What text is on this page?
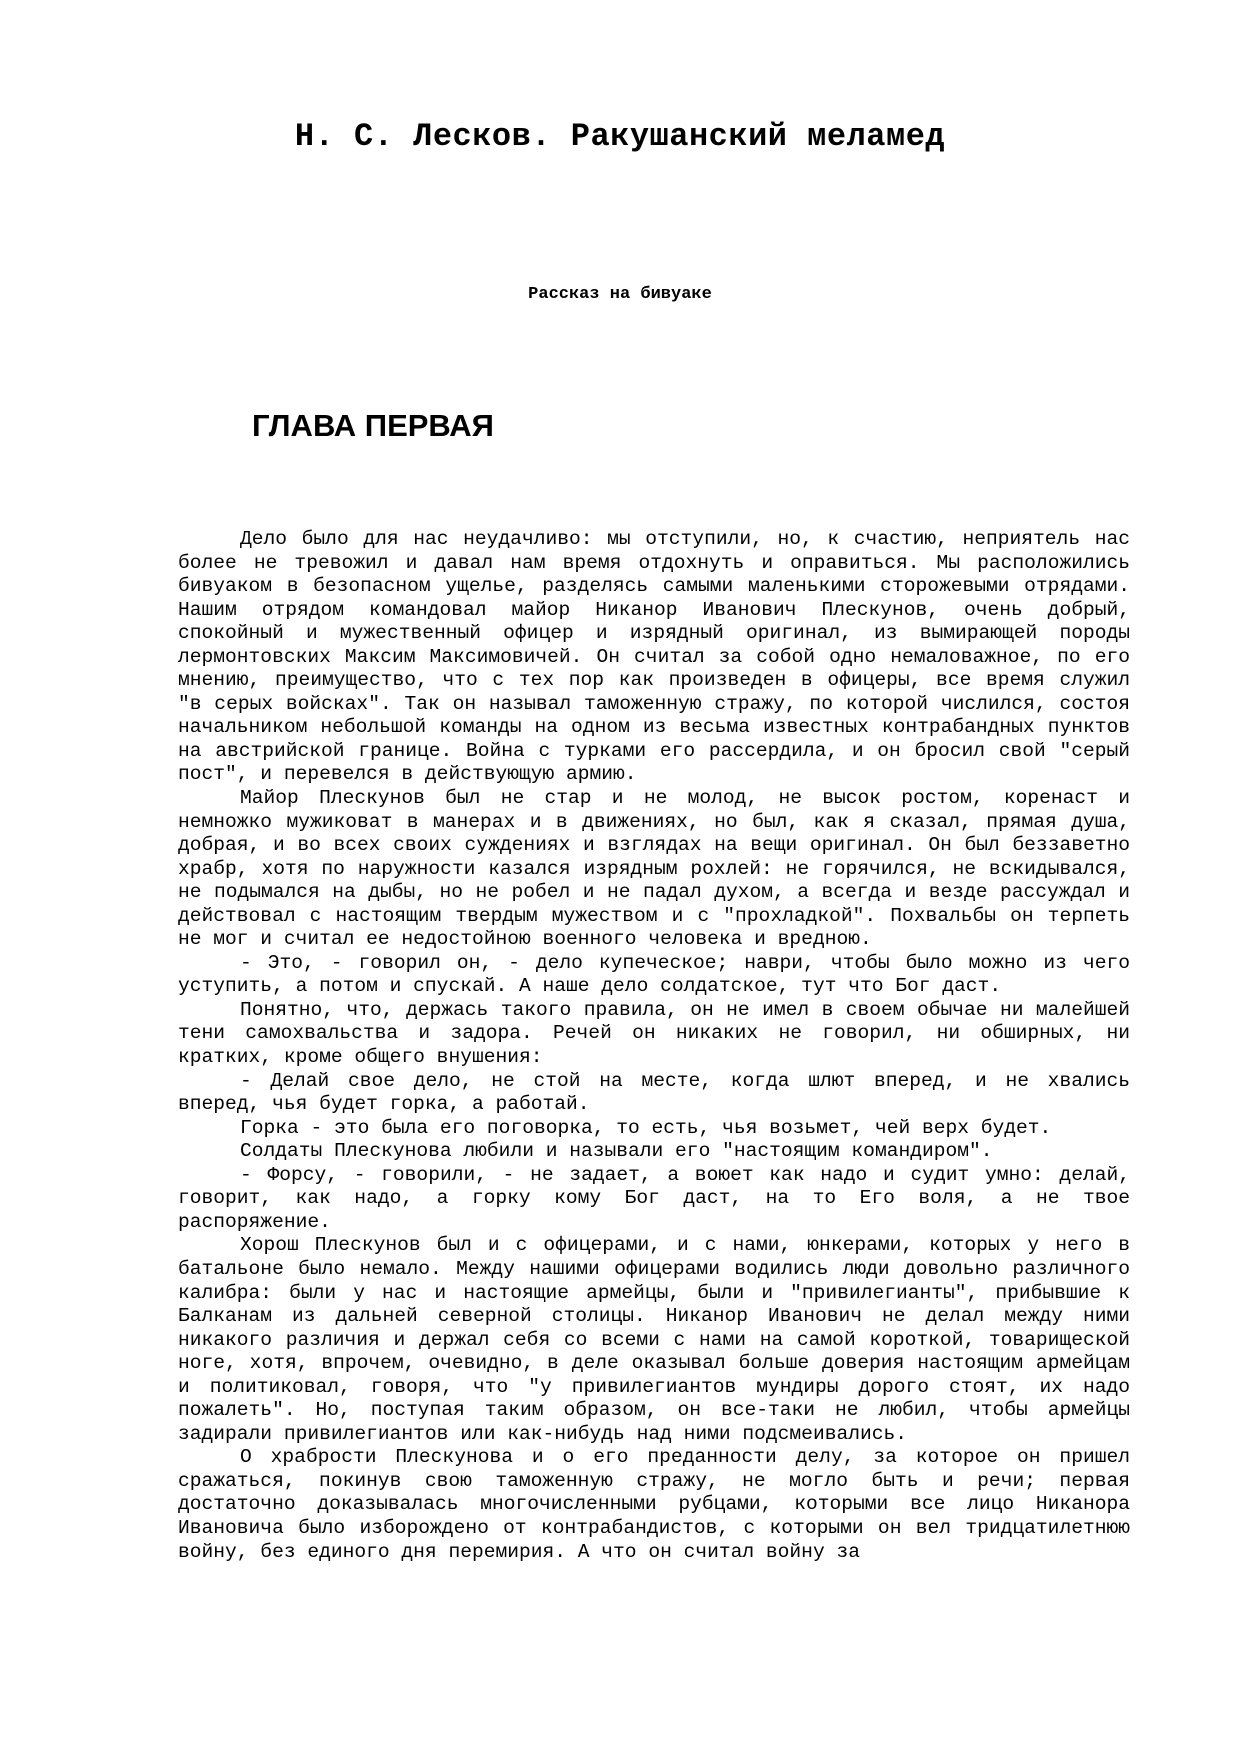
Н. С. Лесков. Ракушанский меламед
Рассказ на бивуаке
ГЛАВА ПЕРВАЯ

Дело было для нас неудачливо: мы отступили, но, к счастию, неприятель нас более не тревожил и давал нам время отдохнуть и оправиться. Мы расположились бивуаком в безопасном ущелье, разделясь самыми маленькими сторожевыми отрядами. Нашим отрядом командовал майор Никанор Иванович Плескунов, очень добрый, спокойный и мужественный офицер и изрядный оригинал, из вымирающей породы лермонтовских Максим Максимовичей. Он считал за собой одно немаловажное, по его мнению, преимущество, что с тех пор как произведен в офицеры, все время служил "в серых войсках". Так он называл таможенную стражу, по которой числился, состоя начальником небольшой команды на одном из весьма известных контрабандных пунктов на австрийской границе. Война с турками его рассердила, и он бросил свой "серый пост", и перевелся в действующую армию.

Майор Плескунов был не стар и не молод, не высок ростом, коренаст и немножко мужиковат в манерах и в движениях, но был, как я сказал, прямая душа, добрая, и во всех своих суждениях и взглядах на вещи оригинал. Он был беззаветно храбр, хотя по наружности казался изрядным рохлей: не горячился, не вскидывался, не подымался на дыбы, но не робел и не падал духом, а всегда и везде рассуждал и действовал с настоящим твердым мужеством и с "прохладкой". Похвальбы он терпеть не мог и считал ее недостойною военного человека и вредною.

- Это, - говорил он, - дело купеческое; наври, чтобы было можно из чего уступить, а потом и спускай. А наше дело солдатское, тут что Бог даст.

Понятно, что, держась такого правила, он не имел в своем обычае ни малейшей тени самохвальства и задора. Речей он никаких не говорил, ни обширных, ни кратких, кроме общего внушения:

- Делай свое дело, не стой на месте, когда шлют вперед, и не хвались вперед, чья будет горка, а работай.

Горка - это была его поговорка, то есть, чья возьмет, чей верх будет.

Солдаты Плескунова любили и называли его "настоящим командиром".

- Форсу, - говорили, - не задает, а воюет как надо и судит умно: делай, говорит, как надо, а горку кому Бог даст, на то Его воля, а не твое распоряжение.

Хорош Плескунов был и с офицерами, и с нами, юнкерами, которых у него в батальоне было немало. Между нашими офицерами водились люди довольно различного калибра: были у нас и настоящие армейцы, были и "привилегианты", прибывшие к Балканам из дальней северной столицы. Никанор Иванович не делал между ними никакого различия и держал себя со всеми с нами на самой короткой, товарищеской ноге, хотя, впрочем, очевидно, в деле оказывал больше доверия настоящим армейцам и политиковал, говоря, что "у привилегиантов мундиры дорого стоят, их надо пожалеть". Но, поступая таким образом, он все-таки не любил, чтобы армейцы задирали привилегиантов или как-нибудь над ними подсмеивались.

О храбрости Плескунова и о его преданности делу, за которое он пришел сражаться, покинув свою таможенную стражу, не могло быть и речи; первая достаточно доказывалась многочисленными рубцами, которыми все лицо Никанора Ивановича было изборождено от контрабандистов, с которыми он вел тридцатилетнюю войну, без единого дня перемирия. А что он считал войну за
